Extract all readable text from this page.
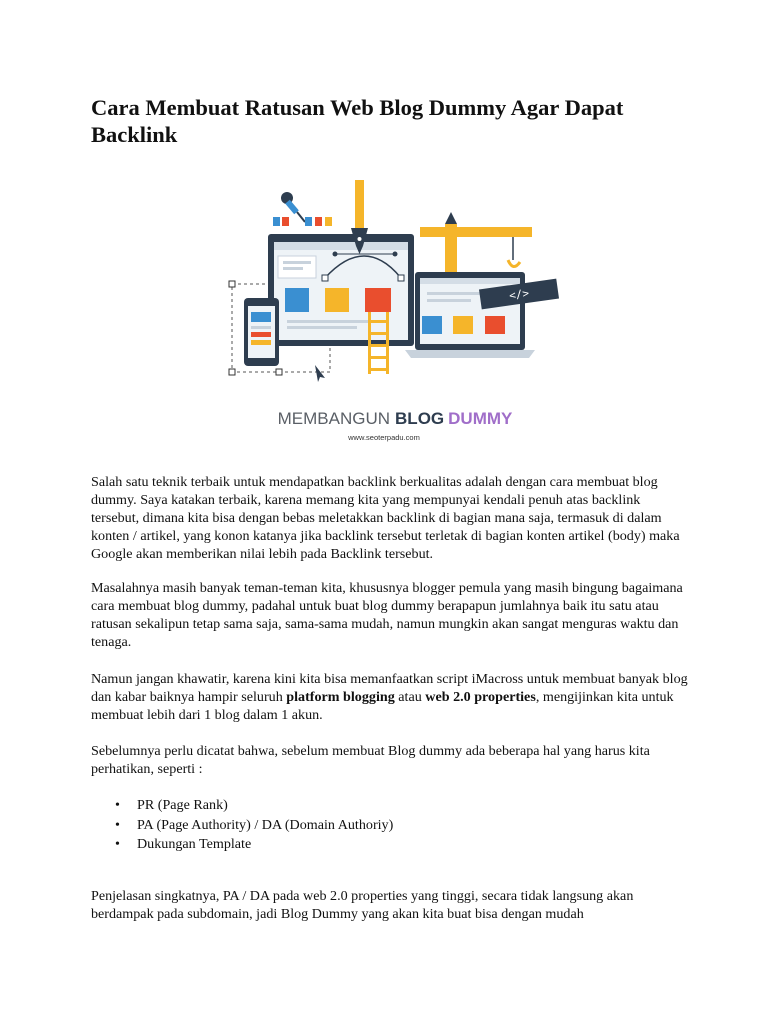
Cara Membuat Ratusan Web Blog Dummy Agar Dapat Backlink
</>
MEMBANGUN BLOG DUMMY
www.seoterpadu.com

Salah satu teknik terbaik untuk mendapatkan backlink berkualitas adalah dengan cara membuat blog dummy. Saya katakan terbaik, karena memang kita yang mempunyai kendali penuh atas backlink tersebut, dimana kita bisa dengan bebas meletakkan backlink di bagian mana saja, termasuk di dalam konten / artikel, yang konon katanya jika backlink tersebut terletak di bagian konten artikel (body) maka Google akan memberikan nilai lebih pada Backlink tersebut.

Masalahnya masih banyak teman-teman kita, khususnya blogger pemula yang masih bingung bagaimana cara membuat blog dummy, padahal untuk buat blog dummy berapapun jumlahnya baik itu satu atau ratusan sekalipun tetap sama saja, sama-sama mudah, namun mungkin akan sangat menguras waktu dan tenaga.

Namun jangan khawatir, karena kini kita bisa memanfaatkan script iMacross untuk membuat banyak blog dan kabar baiknya hampir seluruh platform blogging atau web 2.0 properties, mengijinkan kita untuk membuat lebih dari 1 blog dalam 1 akun.

Sebelumnya perlu dicatat bahwa, sebelum membuat Blog dummy ada beberapa hal yang harus kita perhatikan, seperti :

• PR (Page Rank)
• PA (Page Authority) / DA (Domain Authoriy)
• Dukungan Template

Penjelasan singkatnya, PA / DA pada web 2.0 properties yang tinggi, secara tidak langsung akan berdampak pada subdomain, jadi Blog Dummy yang akan kita buat bisa dengan mudah
